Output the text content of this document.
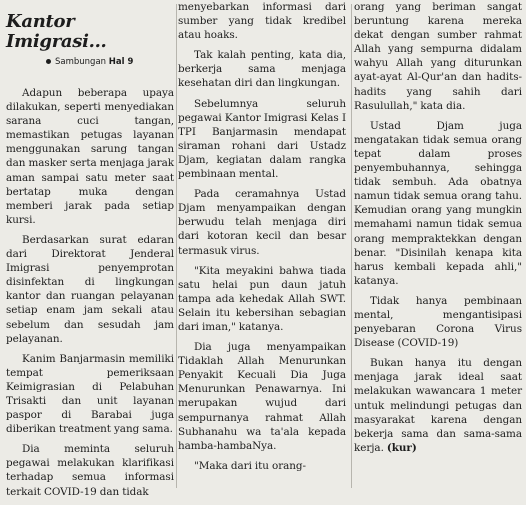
Kantor Imigrasi...
Sambungan Hal 9

Adapun beberapa upaya dilakukan, seperti menyediakan sarana cuci tangan, memastikan petugas layanan menggunakan sarung tangan dan masker serta menjaga jarak aman sampai satu meter saat bertatap muka dengan memberi jarak pada setiap kursi.

Berdasarkan surat edaran dari Direktorat Jenderal Imigrasi penyemprotan disinfektan di lingkungan kantor dan ruangan pelayanan setiap enam jam sekali atau sebelum dan sesudah jam pelayanan.

Kanim Banjarmasin memiliki tempat pemeriksaan Keimigrasian di Pelabuhan Trisakti dan unit layanan paspor di Barabai juga diberikan treatment yang sama.

Dia meminta seluruh pegawai melakukan klarifikasi terhadap semua informasi terkait COVID-19 dan tidak

menyebarkan informasi dari sumber yang tidak kredibel atau hoaks.

Tak kalah penting, kata dia, berkerja sama menjaga kesehatan diri dan lingkungan.

Sebelumnya seluruh pegawai Kantor Imigrasi Kelas I TPI Banjarmasin mendapat siraman rohani dari Ustadz Djam, kegiatan dalam rangka pembinaan mental.

Pada ceramahnya Ustad Djam menyampaikan dengan berwudu telah menjaga diri dari kotoran kecil dan besar termasuk virus.

"Kita meyakini bahwa tiada satu helai pun daun jatuh tampa ada kehedak Allah SWT. Selain itu kebersihan sebagian dari iman," katanya.

Dia juga menyampaikan Tidaklah Allah Menurunkan Penyakit Kecuali Dia Juga Menurunkan Penawarnya. Ini merupakan wujud dari sempurnanya rahmat Allah Subhanahu wa ta'ala kepada hamba-hambaNya.

"Maka dari itu orang-

orang yang beriman sangat beruntung karena mereka dekat dengan sumber rahmat Allah yang sempurna didalam wahyu Allah yang diturunkan ayat-ayat Al-Qur'an dan hadits-hadits yang sahih dari Rasulullah," kata dia.

Ustad Djam juga mengatakan tidak semua orang tepat dalam proses penyembuhannya, sehingga tidak sembuh. Ada obatnya namun tidak semua orang tahu. Kemudian orang yang mungkin memahami namun tidak semua orang mempraktekkan dengan benar. "Disinilah kenapa kita harus kembali kepada ahli," katanya.

Tidak hanya pembinaan mental, mengantisipasi penyebaran Corona Virus Disease (COVID-19)

Bukan hanya itu dengan menjaga jarak ideal saat melakukan wawancara 1 meter untuk melindungi petugas dan masyarakat karena dengan bekerja sama dan sama-sama kerja. (kur)
